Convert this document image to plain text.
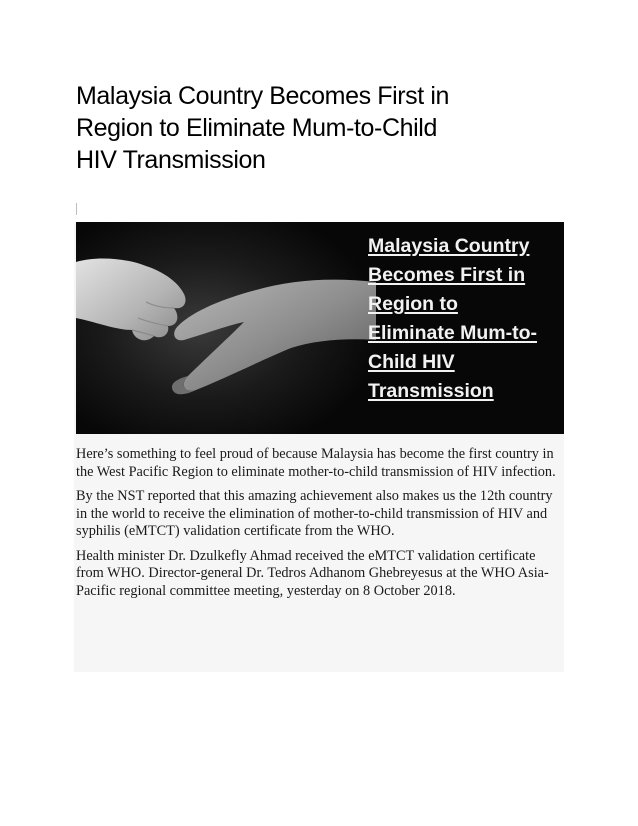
Malaysia Country Becomes First in
Region to Eliminate Mum-to-Child
HIV Transmission
Malaysia Country
Becomes First in
Region to
Eliminate Mum-to-
Child HIV
Transmission

Here’s something to feel proud of because Malaysia has become the first country in the West Pacific Region to eliminate mother-to-child transmission of HIV infection.

By the NST reported that this amazing achievement also makes us the 12th country in the world to receive the elimination of mother-to-child transmission of HIV and syphilis (eMTCT) validation certificate from the WHO.

Health minister Dr. Dzulkefly Ahmad received the eMTCT validation certificate from WHO. Director-general Dr. Tedros Adhanom Ghebreyesus at the WHO Asia-Pacific regional committee meeting, yesterday on 8 October 2018.
